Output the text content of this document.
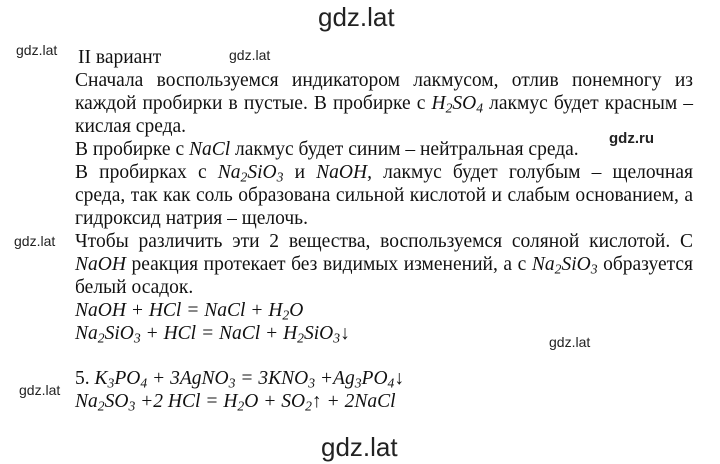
gdz.lat
gdz.lat	gdz.lat
gdz.ru
gdz.lat
gdz.lat
gdz.lat
gdz.lat
II вариант
Сначала воспользуемся индикатором лакмусом, отлив понемногу из
каждой пробирки в пустые. В пробирке с $H_2SO_4$ лакмус будет красным –
кислая среда.
В пробирке с NaCl лакмус будет синим – нейтральная среда.
В пробирках с $Na_2SiO_3$ и NaOH, лакмус будет голубым – щелочная
среда, так как соль образована сильной кислотой и слабым основанием, а
гидроксид натрия – щелочь.
Чтобы различить эти 2 вещества, воспользуемся соляной кислотой. С
NaOH реакция протекает без видимых изменений, а с $Na_2SiO_3$ образуется
белый осадок.
NaOH + HCl = NaCl + $H_2O$
$Na_2SiO_3$ + HCl = NaCl + $H_2SiO_3↓$
5. $K_3PO_4$ + 3AgNO$_3$ = $3KNO_3$ $+Ag_3PO_4↓$
$Na_2SO_3 +2$ HCl = $H_2O$ + $SO_2↑$ + 2NaCl
